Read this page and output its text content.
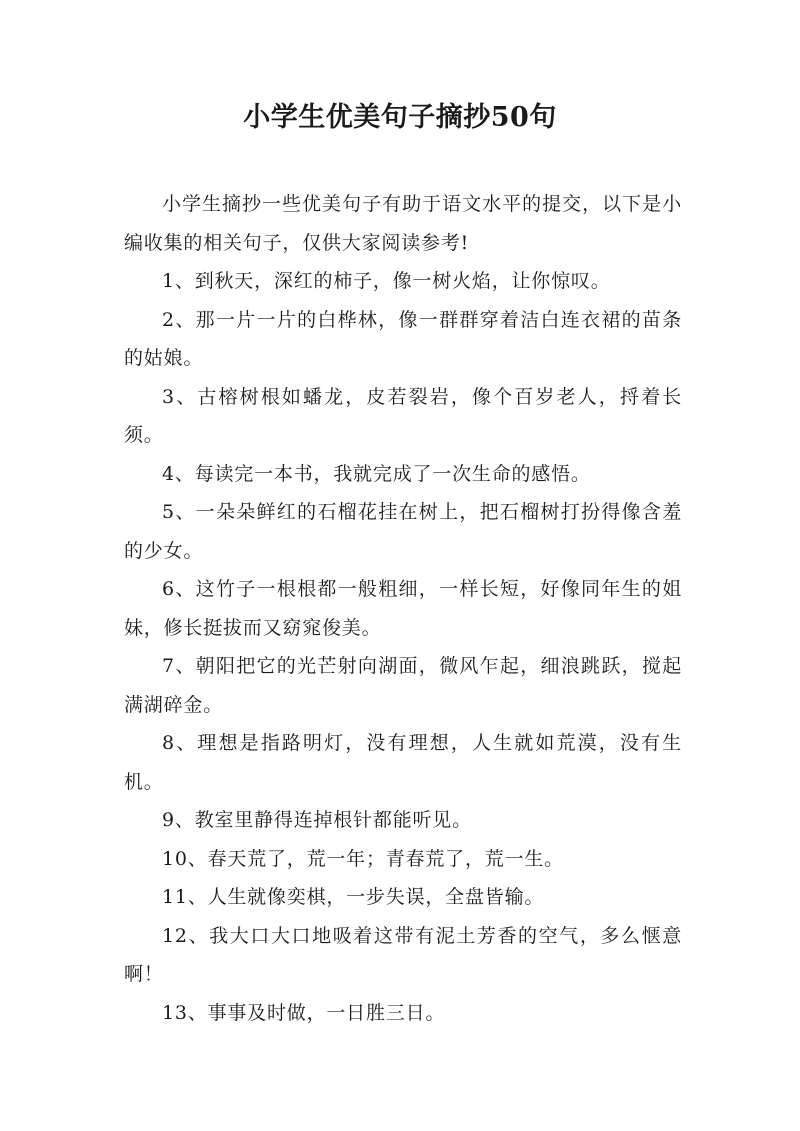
小学生优美句子摘抄50句

小学生摘抄一些优美句子有助于语文水平的提交，以下是小编收集的相关句子，仅供大家阅读参考!

1、到秋天，深红的柿子，像一树火焰，让你惊叹。

2、那一片一片的白桦林，像一群群穿着洁白连衣裙的苗条的姑娘。

3、古榕树根如蟠龙，皮若裂岩，像个百岁老人，捋着长须。

4、每读完一本书，我就完成了一次生命的感悟。

5、一朵朵鲜红的石榴花挂在树上，把石榴树打扮得像含羞的少女。

6、这竹子一根根都一般粗细，一样长短，好像同年生的姐妹，修长挺拔而又窈窕俊美。

7、朝阳把它的光芒射向湖面，微风乍起，细浪跳跃，搅起满湖碎金。

8、理想是指路明灯，没有理想，人生就如荒漠，没有生机。

9、教室里静得连掉根针都能听见。

10、春天荒了，荒一年；青春荒了，荒一生。

11、人生就像奕棋，一步失误，全盘皆输。

12、我大口大口地吸着这带有泥土芳香的空气，多么惬意啊！

13、事事及时做，一日胜三日。
